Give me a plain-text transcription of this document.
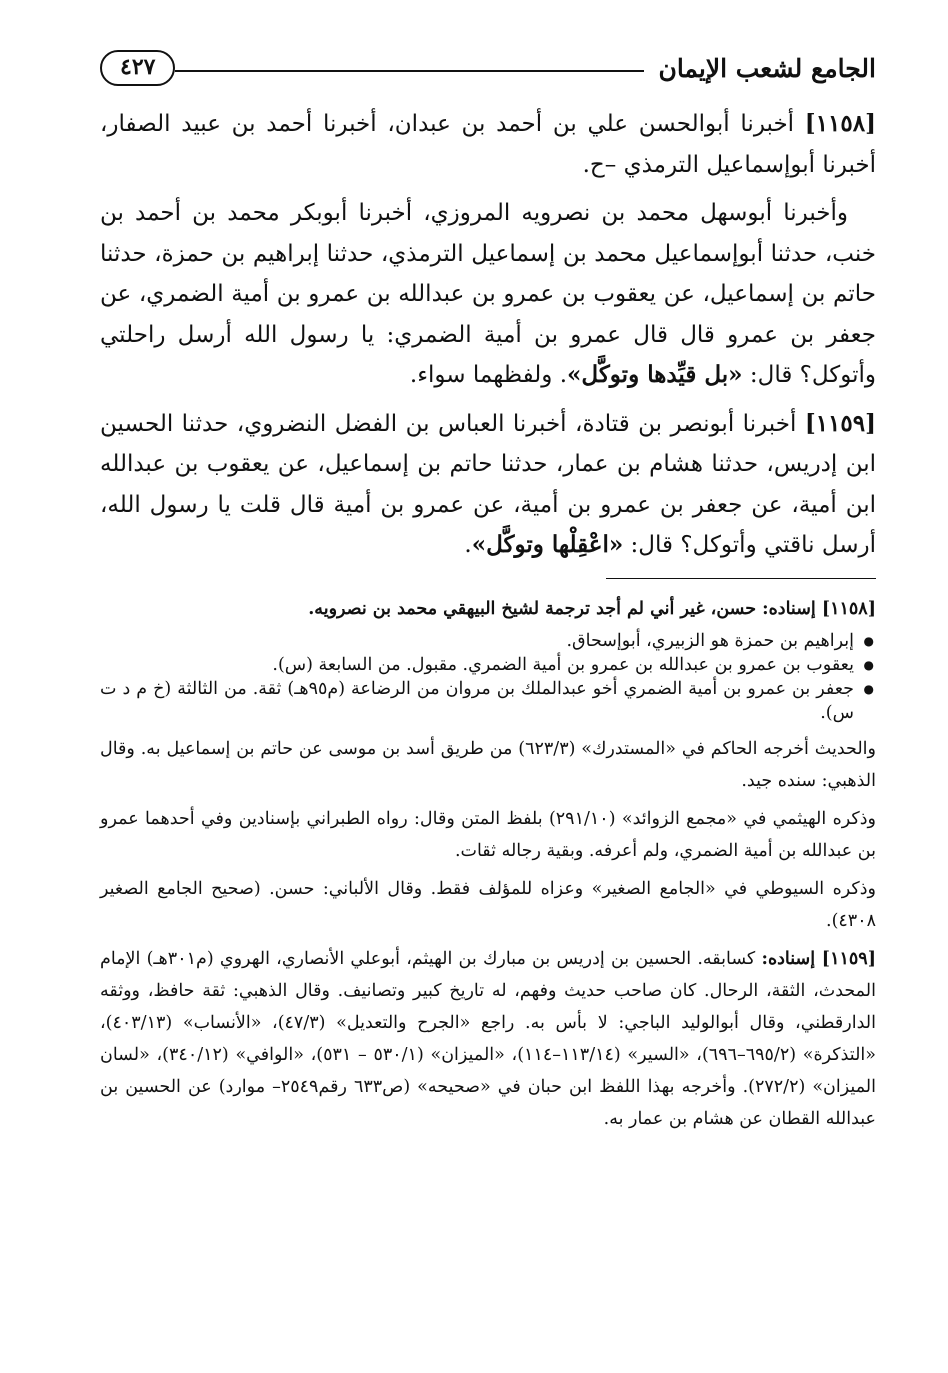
الجامع لشعب الإيمان
٤٢٧

[١١٥٨] أخبرنا أبوالحسن علي بن أحمد بن عبدان، أخبرنا أحمد بن عبيد الصفار، أخبرنا أبوإسماعيل الترمذي –ح.

وأخبرنا أبوسهل محمد بن نصرويه المروزي، أخبرنا أبوبكر محمد بن أحمد بن خنب، حدثنا أبوإسماعيل محمد بن إسماعيل الترمذي، حدثنا إبراهيم بن حمزة، حدثنا حاتم بن إسماعيل، عن يعقوب بن عمرو بن عبدالله بن عمرو بن أمية الضمري، عن جعفر بن عمرو قال قال عمرو بن أمية الضمري: يا رسول الله أرسل راحلتي وأتوكل؟ قال: «بل قيِّدها وتوكَّل». ولفظهما سواء.

[١١٥٩] أخبرنا أبونصر بن قتادة، أخبرنا العباس بن الفضل النضروي، حدثنا الحسين ابن إدريس، حدثنا هشام بن عمار، حدثنا حاتم بن إسماعيل، عن يعقوب بن عبدالله ابن أمية، عن جعفر بن عمرو بن أمية، عن عمرو بن أمية قال قلت يا رسول الله، أرسل ناقتي وأتوكل؟ قال: «اعْقِلْها وتوكَّل».

[١١٥٨] إسناده: حسن، غير أني لم أجد ترجمة لشيخ البيهقي محمد بن نصرويه.

● إبراهيم بن حمزة هو الزبيري، أبوإسحاق.
● يعقوب بن عمرو بن عبدالله بن عمرو بن أمية الضمري. مقبول. من السابعة (س).
● جعفر بن عمرو بن أمية الضمري أخو عبدالملك بن مروان من الرضاعة (م٩٥هـ) ثقة. من الثالثة (خ م د ت س).

والحديث أخرجه الحاكم في «المستدرك» (٦٢٣/٣) من طريق أسد بن موسى عن حاتم بن إسماعيل به. وقال الذهبي: سنده جيد.

وذكره الهيثمي في «مجمع الزوائد» (٢٩١/١٠) بلفظ المتن وقال: رواه الطبراني بإسنادين وفي أحدهما عمرو بن عبدالله بن أمية الضمري، ولم أعرفه. وبقية رجاله ثقات.

وذكره السيوطي في «الجامع الصغير» وعزاه للمؤلف فقط. وقال الألباني: حسن. (صحيح الجامع الصغير ٤٣٠٨).

[١١٥٩] إسناده: كسابقه. الحسين بن إدريس بن مبارك بن الهيثم، أبوعلي الأنصاري، الهروي (م٣٠١هـ) الإمام المحدث، الثقة، الرحال. كان صاحب حديث وفهم، له تاريخ كبير وتصانيف. وقال الذهبي: ثقة حافظ، ووثقه الدارقطني، وقال أبوالوليد الباجي: لا بأس به. راجع «الجرح والتعديل» (٤٧/٣)، «الأنساب» (٤٠٣/١٣)، «التذكرة» (٦٩٥/٢–٦٩٦)، «السير» (١١٣/١٤–١١٤)، «الميزان» (٥٣٠/١ – ٥٣١)، «الوافي» (٣٤٠/١٢)، «لسان الميزان» (٢٧٢/٢). وأخرجه بهذا اللفظ ابن حبان في «صحيحه» (ص٦٣٣ رقم٢٥٤٩– موارد) عن الحسين بن عبدالله القطان عن هشام بن عمار به.
